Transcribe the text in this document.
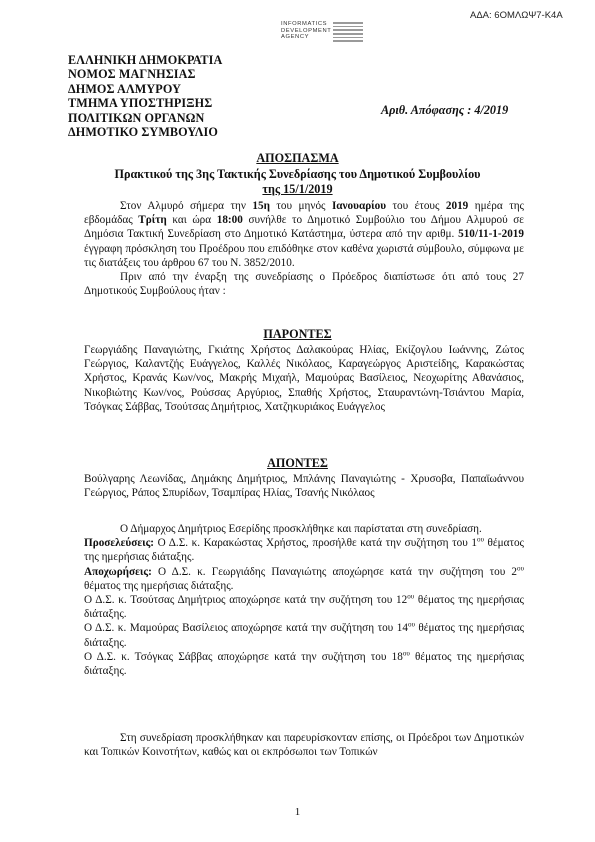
ΑΔΑ: 6ΟΜΛΩΨ7-Κ4Α
INFORMATICS
DEVELOPMENT
AGENCY
ΕΛΛΗΝΙΚΗ ΔΗΜΟΚΡΑΤΙΑ
ΝΟΜΟΣ ΜΑΓΝΗΣΙΑΣ
ΔΗΜΟΣ ΑΛΜΥΡΟΥ
ΤΜΗΜΑ ΥΠΟΣΤΗΡΙΞΗΣ
ΠΟΛΙΤΙΚΩΝ ΟΡΓΑΝΩΝ
ΔΗΜΟΤΙΚΟ ΣΥΜΒΟΥΛΙΟ
Αριθ. Απόφασης : 4/2019
ΑΠΟΣΠΑΣΜΑ
Πρακτικού της 3ης Τακτικής Συνεδρίασης του Δημοτικού Συμβουλίου
της 15/1/2019

Στον Αλμυρό σήμερα την 15η του μηνός Ιανουαρίου του έτους 2019 ημέρα της εβδομάδας Τρίτη και ώρα 18:00 συνήλθε το Δημοτικό Συμβούλιο του Δήμου Αλμυρού σε Δημόσια Τακτική Συνεδρίαση στο Δημοτικό Κατάστημα, ύστερα από την αριθμ. 510/11-1-2019 έγγραφη πρόσκληση του Προέδρου που επιδόθηκε στον καθένα χωριστά σύμβουλο, σύμφωνα με τις διατάξεις του άρθρου 67 του Ν. 3852/2010.

Πριν από την έναρξη της συνεδρίασης ο Πρόεδρος διαπίστωσε ότι από τους 27 Δημοτικούς Συμβούλους ήταν :

ΠΑΡΟΝΤΕΣ

Γεωργιάδης Παναγιώτης, Γκιάτης Χρήστος Δαλακούρας Ηλίας, Εκίζογλου Ιωάννης, Ζώτος Γεώργιος, Καλαντζής Ευάγγελος, Καλλές Νικόλαος, Καραγεώργος Αριστείδης, Καρακώστας Χρήστος, Κρανάς Κων/νος, Μακρής Μιχαήλ, Μαμούρας Βασίλειος, Νεοχωρίτης Αθανάσιος, Νικοβιώτης Κων/νος, Ρούσσας Αργύριος, Σπαθής Χρήστος, Σταυραντώνη-Τσιάντου Μαρία, Τσόγκας Σάββας, Τσούτσας Δημήτριος, Χατζηκυριάκος Ευάγγελος

ΑΠΟΝΤΕΣ

Βούλγαρης Λεωνίδας, Δημάκης Δημήτριος, Μπλάνης Παναγιώτης - Χρυσοβα, Παπαϊωάννου Γεώργιος, Ράπος Σπυρίδων, Τσαμπίρας Ηλίας, Τσανής Νικόλαος

Ο Δήμαρχος Δημήτριος Εσερίδης προσκλήθηκε και παρίσταται στη συνεδρίαση.

Προσελεύσεις: Ο Δ.Σ. κ. Καρακώστας Χρήστος, προσήλθε κατά την συζήτηση του $1^{o\upsilon}$ θέματος της ημερήσιας διάταξης.

Αποχωρήσεις: Ο Δ.Σ. κ. Γεωργιάδης Παναγιώτης αποχώρησε κατά την συζήτηση του $2^{o\upsilon}$ θέματος της ημερήσιας διάταξης.

Ο Δ.Σ. κ. Τσούτσας Δημήτριος αποχώρησε κατά την συζήτηση του $12^{o\upsilon}$ θέματος της ημερήσιας διάταξης.

Ο Δ.Σ. κ. Μαμούρας Βασίλειος αποχώρησε κατά την συζήτηση του $14^{o\upsilon}$ θέματος της ημερήσιας διάταξης.

Ο Δ.Σ. κ. Τσόγκας Σάββας αποχώρησε κατά την συζήτηση του $18^{o\upsilon}$ θέματος της ημερήσιας διάταξης.

Στη συνεδρίαση προσκλήθηκαν και παρευρίσκονταν επίσης, οι Πρόεδροι των Δημοτικών και Τοπικών Κοινοτήτων, καθώς και οι εκπρόσωποι των Τοπικών

1
